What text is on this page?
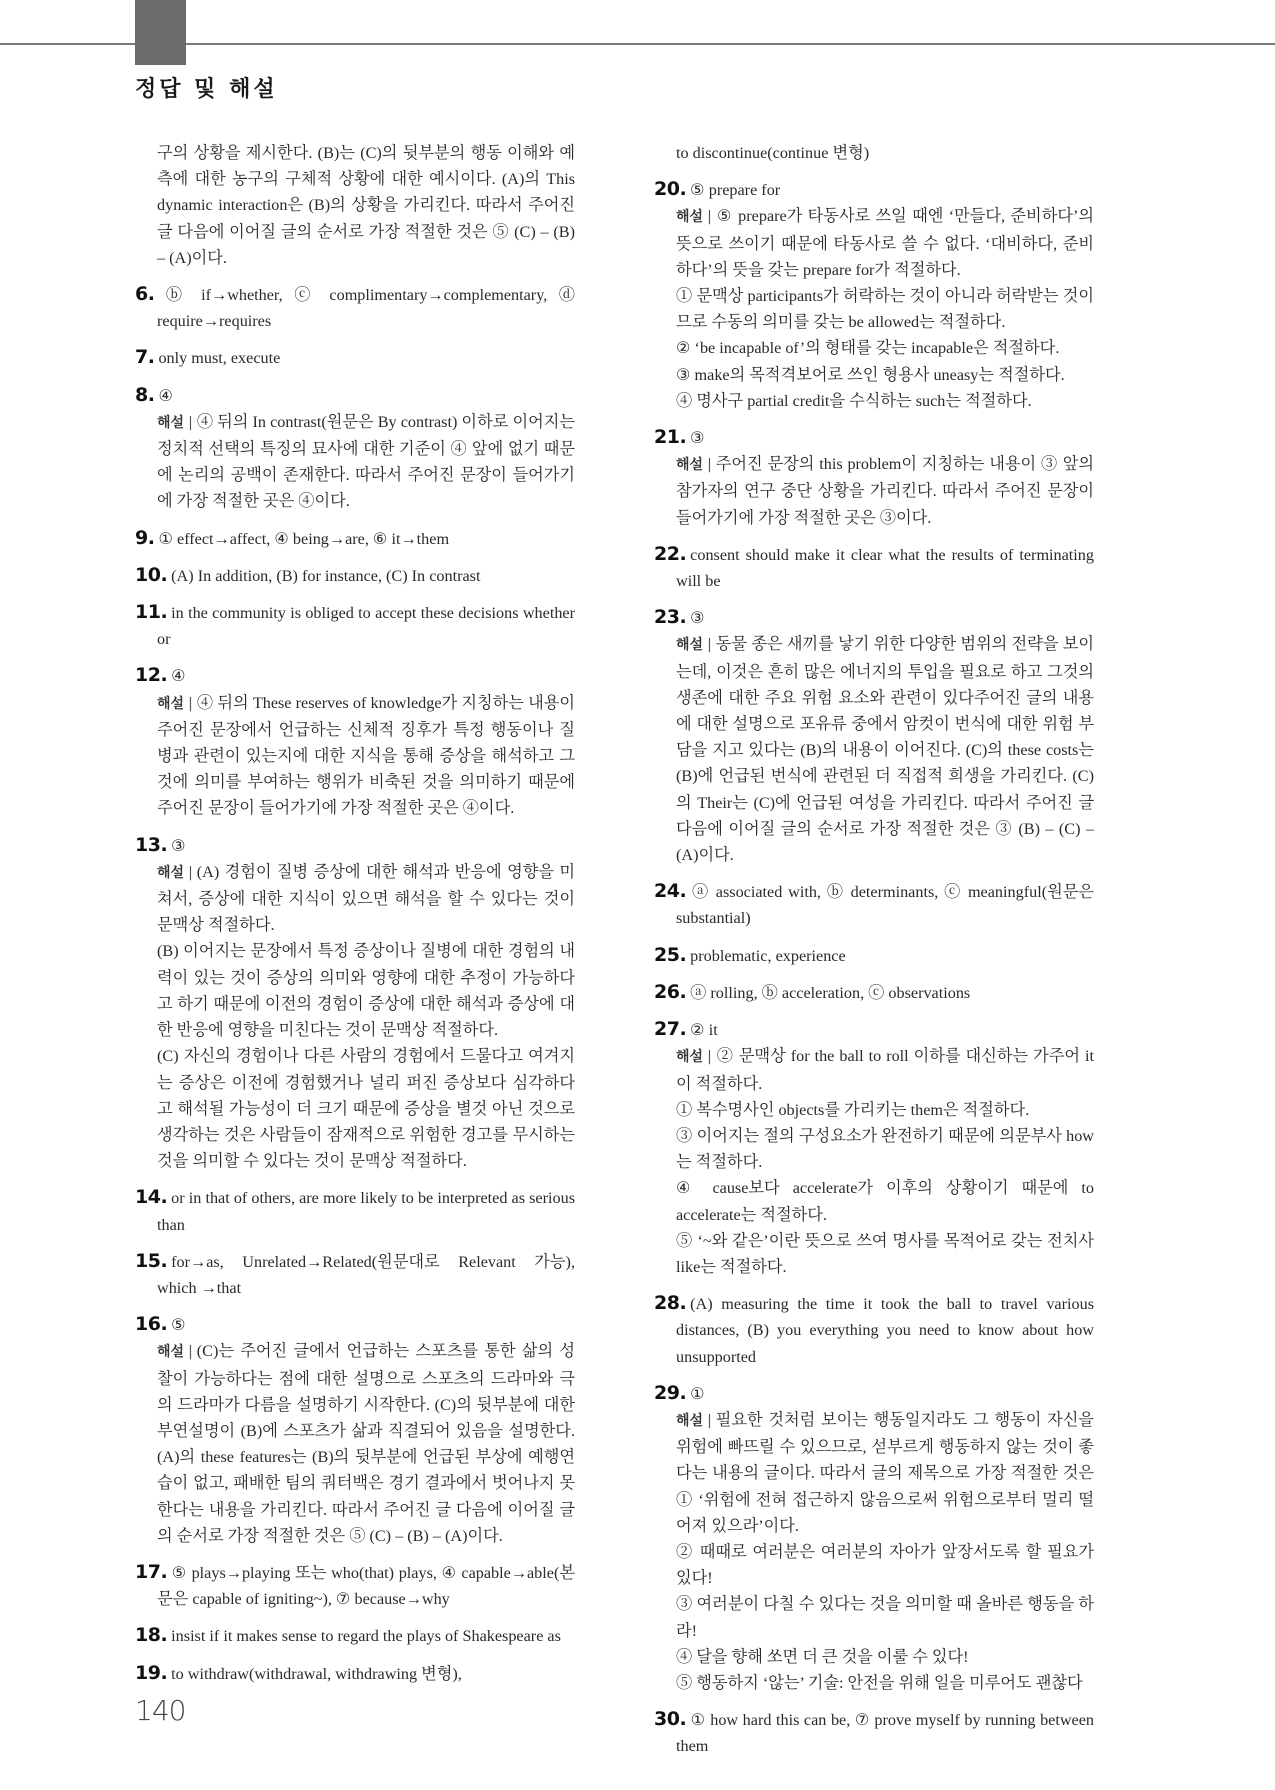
정답 및 해설
구의 상황을 제시한다. (B)는 (C)의 뒷부분의 행동 이해와 예측에 대한 농구의 구체적 상황에 대한 예시이다. (A)의 This dynamic interaction은 (B)의 상황을 가리킨다. 따라서 주어진 글 다음에 이어질 글의 순서로 가장 적절한 것은 ⑤ (C) – (B) – (A)이다.
6. ⓑ if→whether, ⓒ complimentary→complementary, ⓓ require→requires
7. only must, execute
8. ④
해설 | ④ 뒤의 In contrast(원문은 By contrast) 이하로 이어지는 정치적 선택의 특징의 묘사에 대한 기준이 ④ 앞에 없기 때문에 논리의 공백이 존재한다. 따라서 주어진 문장이 들어가기에 가장 적절한 곳은 ④이다.
9. ① effect→affect, ④ being→are, ⑥ it→them
10. (A) In addition, (B) for instance, (C) In contrast
11. in the community is obliged to accept these decisions whether or
12. ④
해설 | ④ 뒤의 These reserves of knowledge가 지칭하는 내용이 주어진 문장에서 언급하는 신체적 징후가 특정 행동이나 질병과 관련이 있는지에 대한 지식을 통해 증상을 해석하고 그것에 의미를 부여하는 행위가 비축된 것을 의미하기 때문에 주어진 문장이 들어가기에 가장 적절한 곳은 ④이다.
13. ③
해설 | (A) 경험이 질병 증상에 대한 해석과 반응에 영향을 미쳐서, 증상에 대한 지식이 있으면 해석을 할 수 있다는 것이 문맥상 적절하다.
(B) 이어지는 문장에서 특정 증상이나 질병에 대한 경험의 내력이 있는 것이 증상의 의미와 영향에 대한 추정이 가능하다고 하기 때문에 이전의 경험이 증상에 대한 해석과 증상에 대한 반응에 영향을 미친다는 것이 문맥상 적절하다.
(C) 자신의 경험이나 다른 사람의 경험에서 드물다고 여겨지는 증상은 이전에 경험했거나 널리 퍼진 증상보다 심각하다고 해석될 가능성이 더 크기 때문에 증상을 별것 아닌 것으로 생각하는 것은 사람들이 잠재적으로 위험한 경고를 무시하는 것을 의미할 수 있다는 것이 문맥상 적절하다.
14. or in that of others, are more likely to be interpreted as serious than
15. for→as, Unrelated→Related(원문대로 Relevant 가능), which →that
16. ⑤
해설 | (C)는 주어진 글에서 언급하는 스포츠를 통한 삶의 성찰이 가능하다는 점에 대한 설명으로 스포츠의 드라마와 극의 드라마가 다름을 설명하기 시작한다. (C)의 뒷부분에 대한 부연설명이 (B)에 스포츠가 삶과 직결되어 있음을 설명한다. (A)의 these features는 (B)의 뒷부분에 언급된 부상에 예행연습이 없고, 패배한 팀의 쿼터백은 경기 결과에서 벗어나지 못한다는 내용을 가리킨다. 따라서 주어진 글 다음에 이어질 글의 순서로 가장 적절한 것은 ⑤ (C) – (B) – (A)이다.
17. ⑤ plays→playing 또는 who(that) plays, ④ capable→able(본문은 capable of igniting~), ⑦ because→why
18. insist if it makes sense to regard the plays of Shakespeare as
19. to withdraw(withdrawal, withdrawing 변형),
to discontinue(continue 변형)
20. ⑤ prepare for
해설 | ⑤ prepare가 타동사로 쓰일 때엔 ‘만들다, 준비하다’의 뜻으로 쓰이기 때문에 타동사로 쓸 수 없다. ‘대비하다, 준비하다’의 뜻을 갖는 prepare for가 적절하다.
① 문맥상 participants가 허락하는 것이 아니라 허락받는 것이므로 수동의 의미를 갖는 be allowed는 적절하다.
② ‘be incapable of’의 형태를 갖는 incapable은 적절하다.
③ make의 목적격보어로 쓰인 형용사 uneasy는 적절하다.
④ 명사구 partial credit을 수식하는 such는 적절하다.
21. ③
해설 | 주어진 문장의 this problem이 지칭하는 내용이 ③ 앞의 참가자의 연구 중단 상황을 가리킨다. 따라서 주어진 문장이 들어가기에 가장 적절한 곳은 ③이다.
22. consent should make it clear what the results of terminating will be
23. ③
해설 | 동물 종은 새끼를 낳기 위한 다양한 범위의 전략을 보이는데, 이것은 흔히 많은 에너지의 투입을 필요로 하고 그것의 생존에 대한 주요 위험 요소와 관련이 있다주어진 글의 내용에 대한 설명으로 포유류 중에서 암컷이 번식에 대한 위험 부담을 지고 있다는 (B)의 내용이 이어진다. (C)의 these costs는 (B)에 언급된 번식에 관련된 더 직접적 희생을 가리킨다. (C)의 Their는 (C)에 언급된 여성을 가리킨다. 따라서 주어진 글 다음에 이어질 글의 순서로 가장 적절한 것은 ③ (B) – (C) – (A)이다.
24. ⓐ associated with, ⓑ determinants, ⓒ meaningful(원문은 substantial)
25. problematic, experience
26. ⓐ rolling, ⓑ acceleration, ⓒ observations
27. ② it
해설 | ② 문맥상 for the ball to roll 이하를 대신하는 가주어 it이 적절하다.
① 복수명사인 objects를 가리키는 them은 적절하다.
③ 이어지는 절의 구성요소가 완전하기 때문에 의문부사 how는 적절하다.
④ cause보다 accelerate가 이후의 상황이기 때문에 to accelerate는 적절하다.
⑤ ‘~와 같은’이란 뜻으로 쓰여 명사를 목적어로 갖는 전치사 like는 적절하다.
28. (A) measuring the time it took the ball to travel various distances, (B) you everything you need to know about how unsupported
29. ①
해설 | 필요한 것처럼 보이는 행동일지라도 그 행동이 자신을 위험에 빠뜨릴 수 있으므로, 섣부르게 행동하지 않는 것이 좋다는 내용의 글이다. 따라서 글의 제목으로 가장 적절한 것은 ① ‘위험에 전혀 접근하지 않음으로써 위험으로부터 멀리 떨어져 있으라’이다.
② 때때로 여러분은 여러분의 자아가 앞장서도록 할 필요가 있다!
③ 여러분이 다칠 수 있다는 것을 의미할 때 올바른 행동을 하라!
④ 달을 향해 쏘면 더 큰 것을 이룰 수 있다!
⑤ 행동하지 ‘않는’ 기술: 안전을 위해 일을 미루어도 괜찮다
30. ① how hard this can be, ⑦ prove myself by running between them
140
